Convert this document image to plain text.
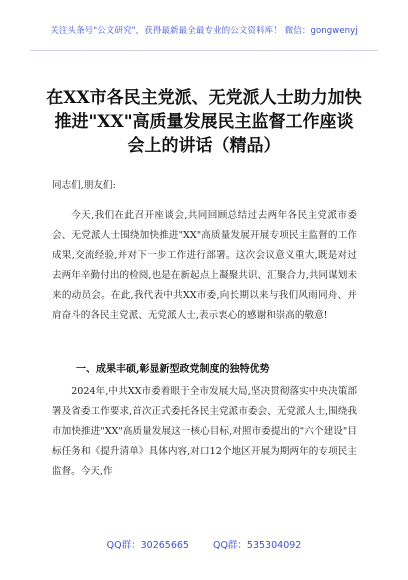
关注头条号"公文研究"，获得最新最全最专业的公文资料库！ 微信：gongwenyj
在XX市各民主党派、无党派人士助力加快
推进"XX"高质量发展民主监督工作座谈
会上的讲话（精品）

同志们,朋友们:

今天,我们在此召开座谈会,共同回顾总结过去两年各民主党派市委会、无党派人士围绕加快推进"XX"高质量发展开展专项民主监督的工作成果,交流经验,并对下一步工作进行部署。这次会议意义重大,既是对过去两年辛勤付出的检阅,也是在新起点上凝聚共识、汇聚合力,共同谋划未来的动员会。在此,我代表中共XX市委,向长期以来与我们风雨同舟、并肩奋斗的各民主党派、无党派人士,表示衷心的感谢和崇高的敬意!

一、成果丰硕,彰显新型政党制度的独特优势

2024年,中共XX市委着眼于全市发展大局,坚决贯彻落实中央决策部署及省委工作要求,首次正式委托各民主党派市委会、无党派人士,围绕我市加快推进"XX"高质量发展这一核心目标,对照市委提出的"六个建设"目标任务和《提升清单》具体内容,对口12个地区开展为期两年的专项民主监督。今天,作

QQ群：30265665	QQ群：535304092
